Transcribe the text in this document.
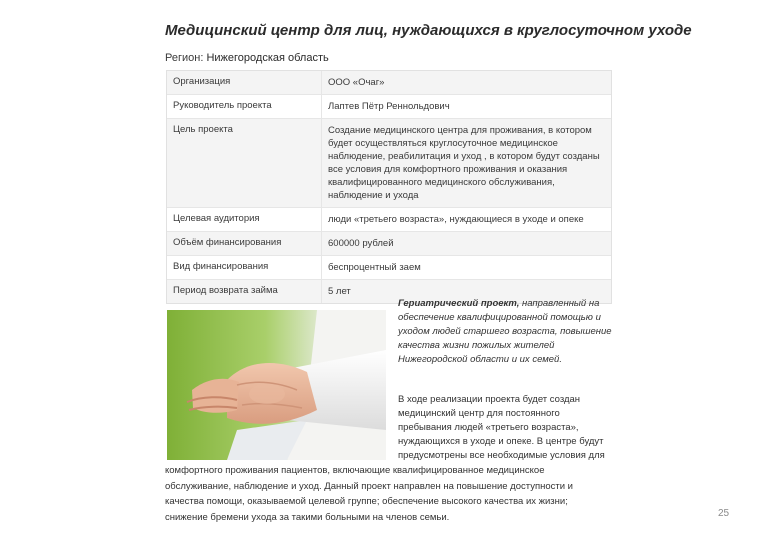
Медицинский центр для лиц, нуждающихся в круглосуточном уходе
Регион: Нижегородская область
Организация	ООО «Очаг»
Руководитель проекта	Лаптев Пётр Реннольдович
Цель проекта	Создание медицинского центра для проживания, в котором будет осуществляться круглосуточное медицинское наблюдение, реабилитация и уход , в котором будут созданы все условия для комфортного проживания и оказания квалифицированного медицинского обслуживания, наблюдение и ухода
Целевая аудитория	люди «третьего возраста», нуждающиеся в уходе и опеке
Объём финансирования	600000 рублей
Вид финансирования	беспроцентный заем
Период возврата займа	5 лет
Гериатрический проект, направленный на обеспечение квалифицированной помощью и уходом людей старшего возраста, повышение качества жизни пожилых жителей Нижегородской области и их семей.
В ходе реализации проекта будет создан медицинский центр для постоянного пребывания людей «третьего возраста», нуждающихся в уходе и опеке. В центре будут предусмотрены все необходимые условия для
комфортного проживания пациентов, включающие квалифицированное медицинское обслуживание, наблюдение и уход. Данный проект направлен на повышение доступности и качества помощи, оказываемой целевой группе; обеспечение высокого качества их жизни; снижение бремени ухода за такими больными на членов семьи.	25
